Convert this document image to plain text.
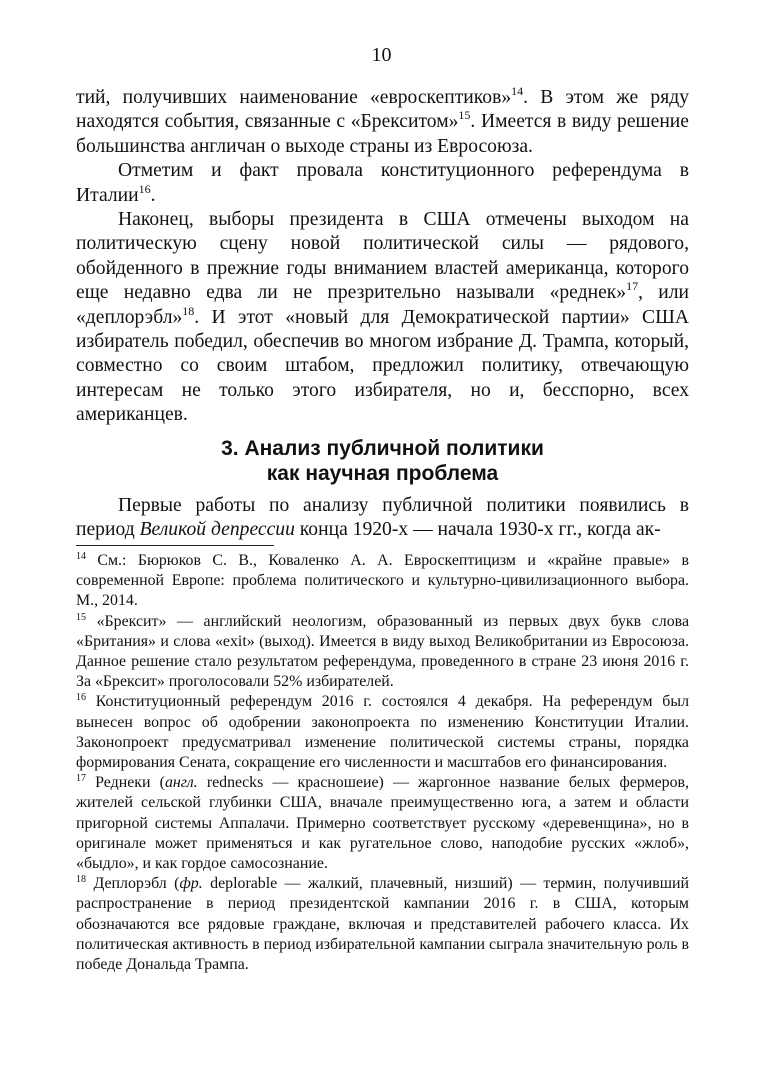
10

тий, получивших наименование «евроскептиков»$^{14}$. В этом же ряду находятся события, связанные с «Брекситом»$^{15}$. Имеется в виду решение большинства англичан о выходе страны из Евросоюза.

Отметим и факт провала конституционного референдума в Италии$^{16}$.

Наконец, выборы президента в США отмечены выходом на политическую сцену новой политической силы — рядового, обойденного в прежние годы вниманием властей американца, которого еще недавно едва ли не презрительно называли «реднек»$^{17}$, или «деплорэбл»$^{18}$. И этот «новый для Демократической партии» США избиратель победил, обеспечив во многом избрание Д. Трампа, который, совместно со своим штабом, предложил политику, отвечающую интересам не только этого избирателя, но и, бесспорно, всех американцев.

3. Анализ публичной политики
как научная проблема

Первые работы по анализу публичной политики появились в период Великой депрессии конца 1920-х — начала 1930-х гг., когда ак-

$^{14}$ См.: Бюрюков С. В., Коваленко А. А. Евроскептицизм и «крайне правые» в современной Европе: проблема политического и культурно-цивилизационного выбора. М., 2014.

$^{15}$ «Брексит» — английский неологизм, образованный из первых двух букв слова «Британия» и слова «exit» (выход). Имеется в виду выход Великобритании из Евросоюза. Данное решение стало результатом референдума, проведенного в стране 23 июня 2016 г. За «Брексит» проголосовали 52% избирателей.

$^{16}$ Конституционный референдум 2016 г. состоялся 4 декабря. На референдум был вынесен вопрос об одобрении законопроекта по изменению Конституции Италии. Законопроект предусматривал изменение политической системы страны, порядка формирования Сената, сокращение его численности и масштабов его финансирования.

$^{17}$ Реднеки (англ. rednecks — красношеие) — жаргонное название белых фермеров, жителей сельской глубинки США, вначале преимущественно юга, а затем и области пригорной системы Аппалачи. Примерно соответствует русскому «деревенщина», но в оригинале может применяться и как ругательное слово, наподобие русских «жлоб», «быдло», и как гордое самосознание.

$^{18}$ Деплорэбл (фр. deplorable — жалкий, плачевный, низший) — термин, получивший распространение в период президентской кампании 2016 г. в США, которым обозначаются все рядовые граждане, включая и представителей рабочего класса. Их политическая активность в период избирательной кампании сыграла значительную роль в победе Дональда Трампа.
